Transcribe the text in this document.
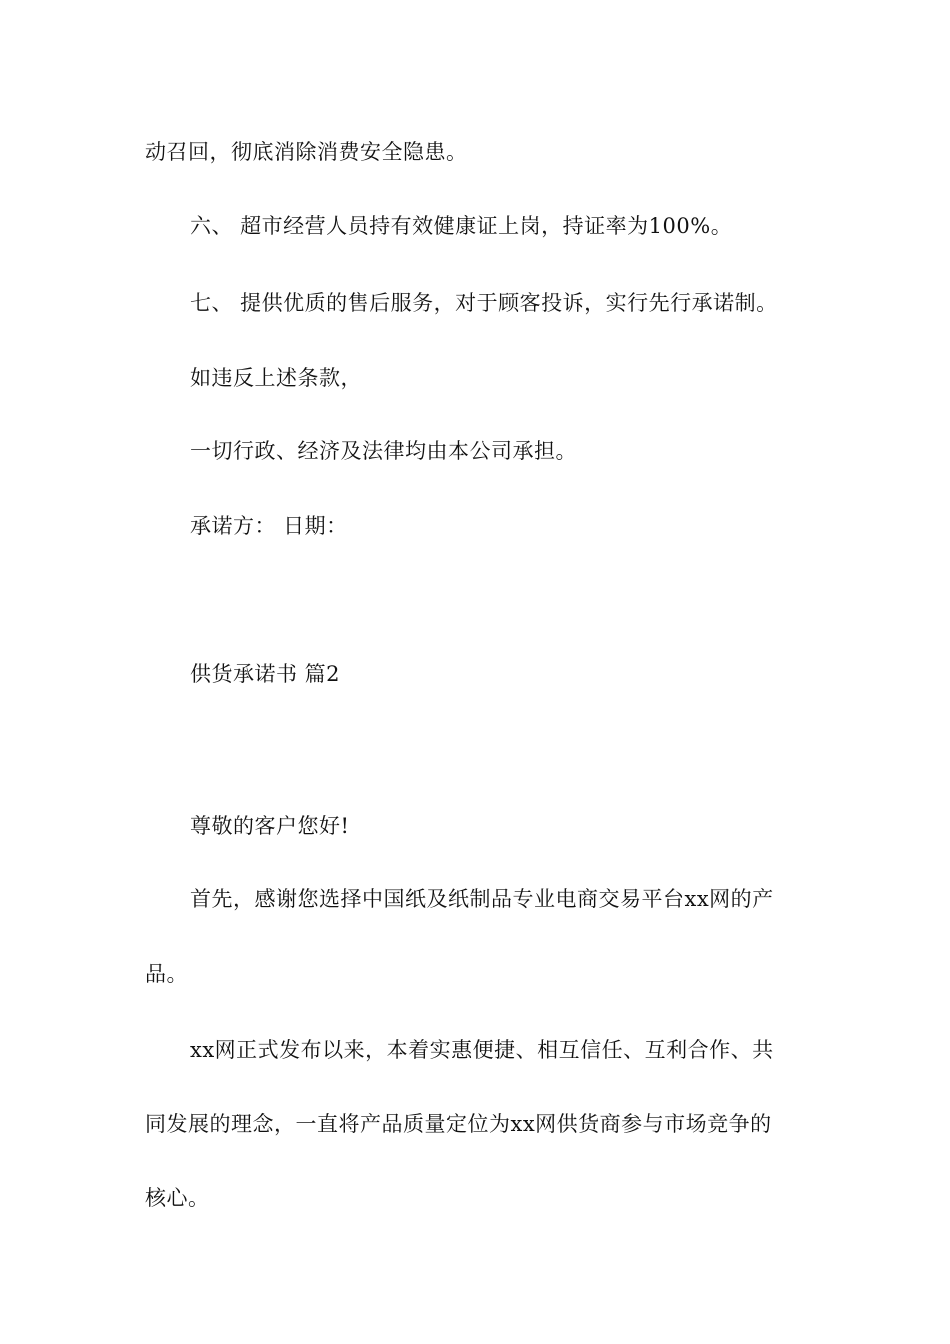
动召回，彻底消除消费安全隐患。
六、 超市经营人员持有效健康证上岗，持证率为100%。
七、 提供优质的售后服务，对于顾客投诉，实行先行承诺制。
如违反上述条款，
一切行政、经济及法律均由本公司承担。
承诺方： 日期：
供货承诺书 篇2
尊敬的客户您好!
首先，感谢您选择中国纸及纸制品专业电商交易平台xx网的产
品。
xx网正式发布以来，本着实惠便捷、相互信任、互利合作、共
同发展的理念，一直将产品质量定位为xx网供货商参与市场竞争的
核心。
